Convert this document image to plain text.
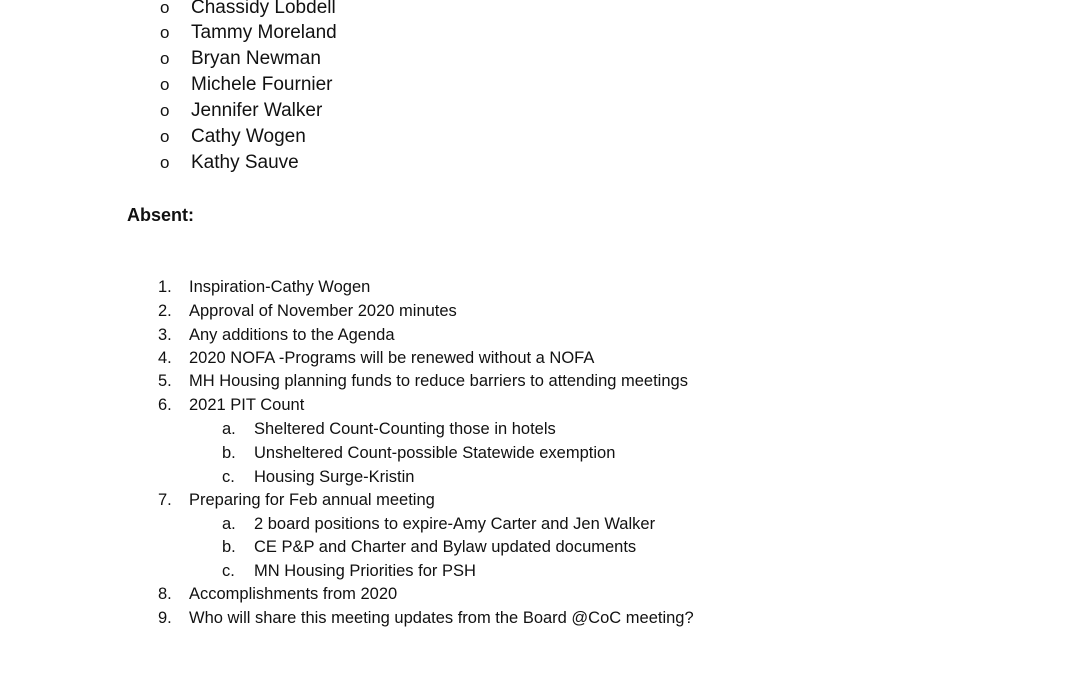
o Chassidy Lobdell
o Tammy Moreland
o Bryan Newman
o Michele Fournier
o Jennifer Walker
o Cathy Wogen
o Kathy Sauve
Absent:
1. Inspiration-Cathy Wogen
2. Approval of November 2020 minutes
3. Any additions to the Agenda
4. 2020 NOFA -Programs will be renewed without a NOFA
5. MH Housing planning funds to reduce barriers to attending meetings
6. 2021 PIT Count
a. Sheltered Count-Counting those in hotels
b. Unsheltered Count-possible Statewide exemption
c. Housing Surge-Kristin
7. Preparing for Feb annual meeting
a. 2 board positions to expire-Amy Carter and Jen Walker
b. CE P&P and Charter and Bylaw updated documents
c. MN Housing Priorities for PSH
8. Accomplishments from 2020
9. Who will share this meeting updates from the Board @CoC meeting?
